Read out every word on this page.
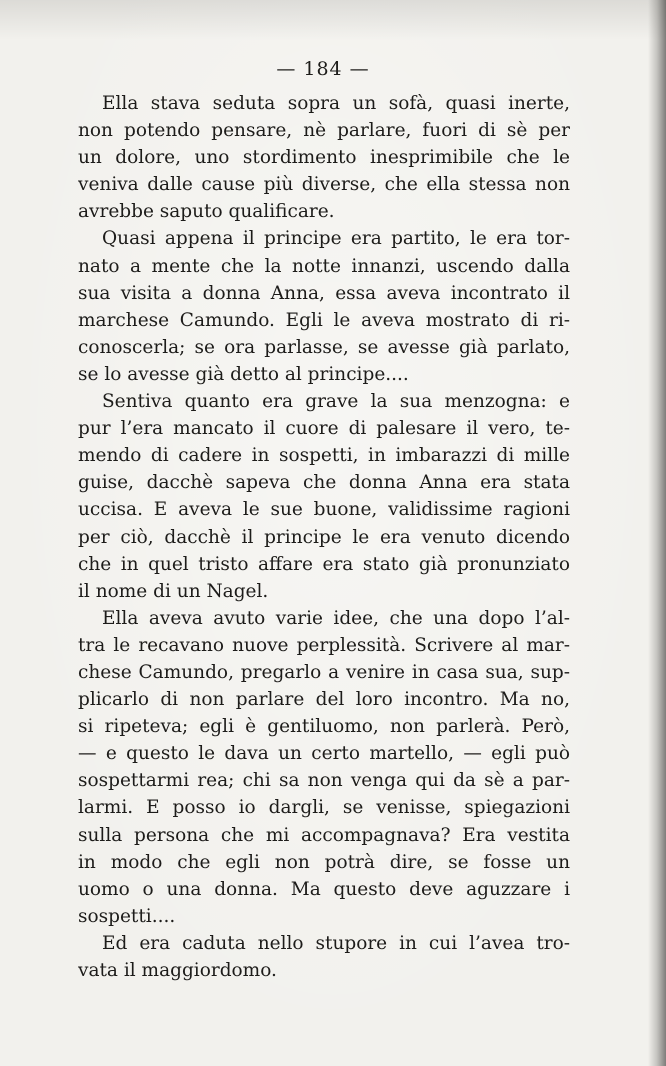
— 184 —
Ella stava seduta sopra un sofà, quasi inerte,
non potendo pensare, nè parlare, fuori di sè per
un dolore, uno stordimento inesprimibile che le
veniva dalle cause più diverse, che ella stessa non
avrebbe saputo qualificare.
Quasi appena il principe era partito, le era tor-
nato a mente che la notte innanzi, uscendo dalla
sua visita a donna Anna, essa aveva incontrato il
marchese Camundo. Egli le aveva mostrato di ri-
conoscerla; se ora parlasse, se avesse già parlato,
se lo avesse già detto al principe....
Sentiva quanto era grave la sua menzogna: e
pur l’era mancato il cuore di palesare il vero, te-
mendo di cadere in sospetti, in imbarazzi di mille
guise, dacchè sapeva che donna Anna era stata
uccisa. E aveva le sue buone, validissime ragioni
per ciò, dacchè il principe le era venuto dicendo
che in quel tristo affare era stato già pronunziato
il nome di un Nagel.
Ella aveva avuto varie idee, che una dopo l’al-
tra le recavano nuove perplessità. Scrivere al mar-
chese Camundo, pregarlo a venire in casa sua, sup-
plicarlo di non parlare del loro incontro. Ma no,
si ripeteva; egli è gentiluomo, non parlerà. Però,
— e questo le dava un certo martello, — egli può
sospettarmi rea; chi sa non venga qui da sè a par-
larmi. E posso io dargli, se venisse, spiegazioni
sulla persona che mi accompagnava? Era vestita
in modo che egli non potrà dire, se fosse un
uomo o una donna. Ma questo deve aguzzare i
sospetti....
Ed era caduta nello stupore in cui l’avea tro-
vata il maggiordomo.
